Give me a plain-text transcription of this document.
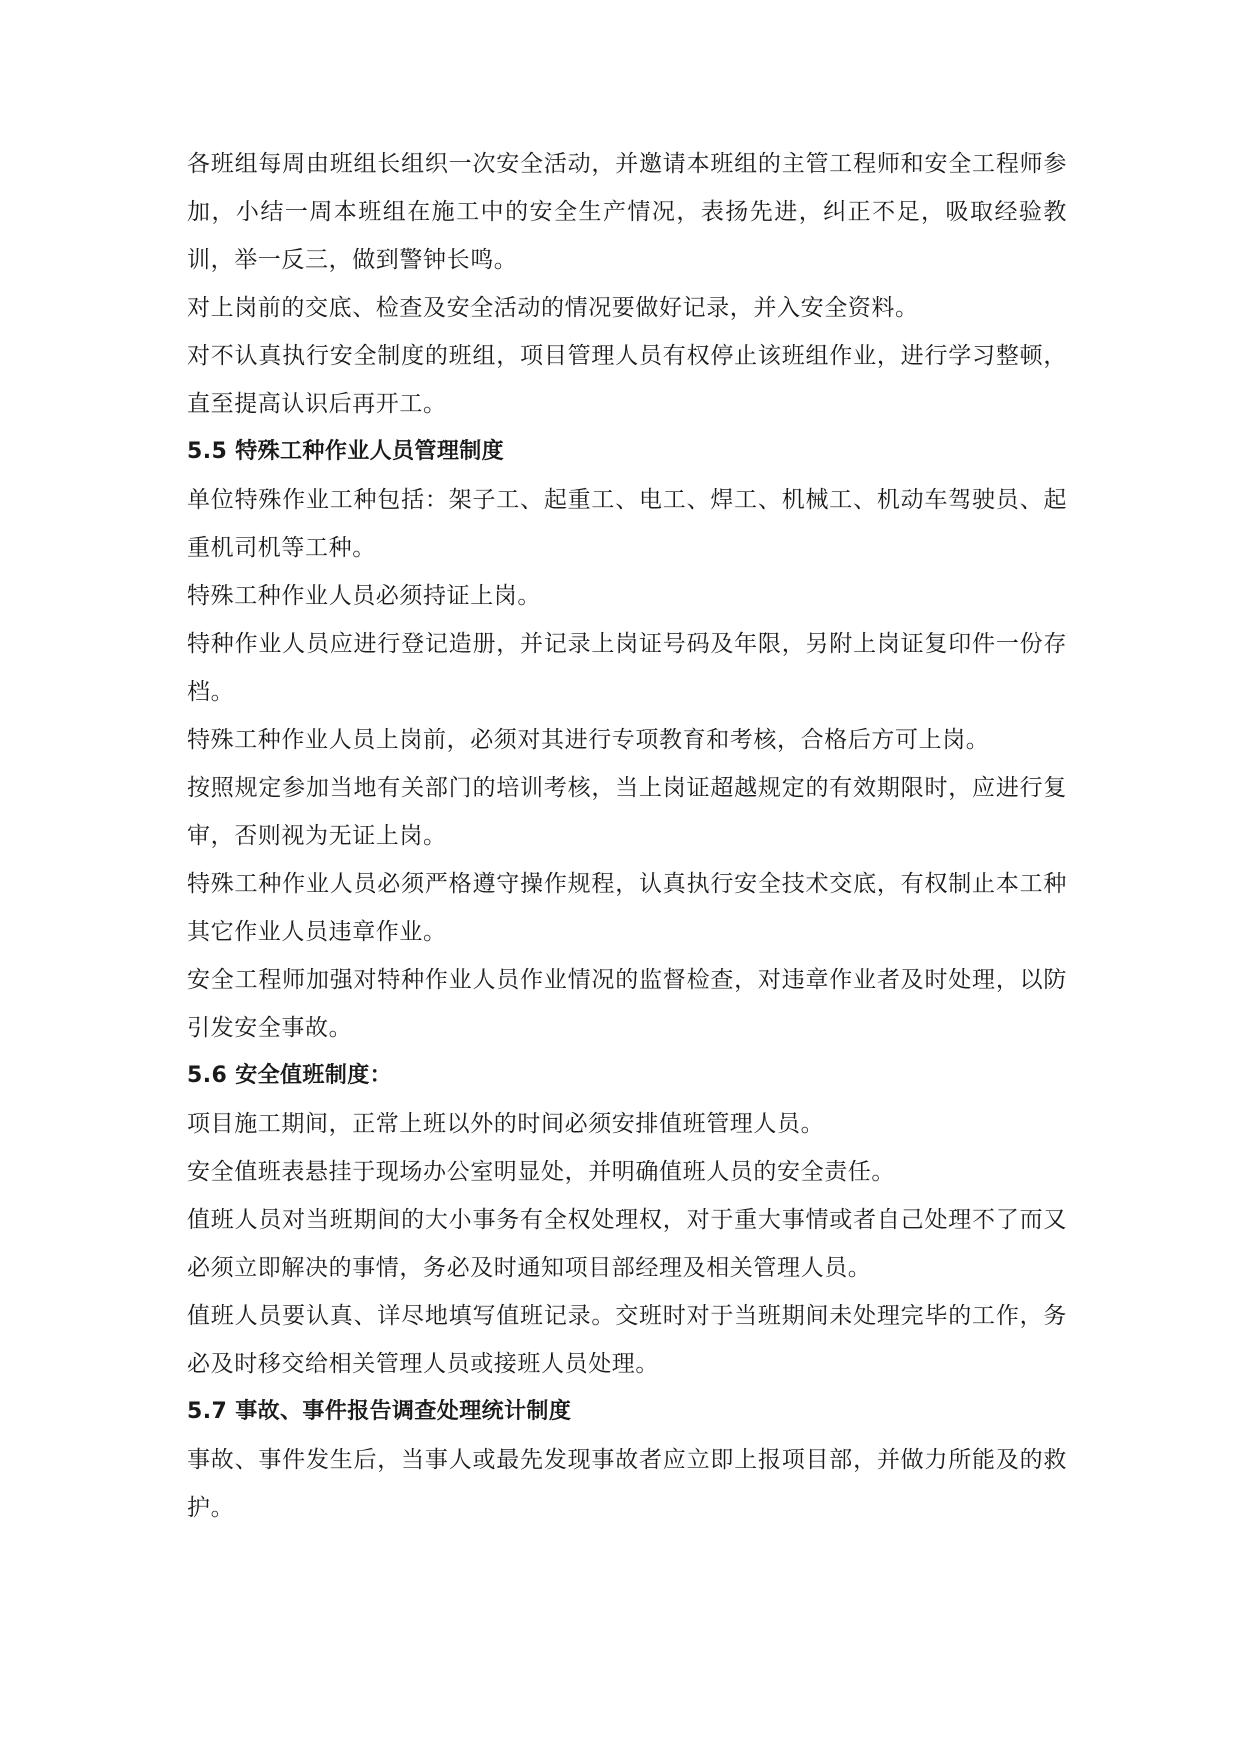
各班组每周由班组长组织一次安全活动，并邀请本班组的主管工程师和安全工程师参加，小结一周本班组在施工中的安全生产情况，表扬先进，纠正不足，吸取经验教训，举一反三，做到警钟长鸣。

对上岗前的交底、检查及安全活动的情况要做好记录，并入安全资料。

对不认真执行安全制度的班组，项目管理人员有权停止该班组作业，进行学习整顿，直至提高认识后再开工。

5.5 特殊工种作业人员管理制度

单位特殊作业工种包括：架子工、起重工、电工、焊工、机械工、机动车驾驶员、起重机司机等工种。

特殊工种作业人员必须持证上岗。

特种作业人员应进行登记造册，并记录上岗证号码及年限，另附上岗证复印件一份存档。

特殊工种作业人员上岗前，必须对其进行专项教育和考核，合格后方可上岗。

按照规定参加当地有关部门的培训考核，当上岗证超越规定的有效期限时，应进行复审，否则视为无证上岗。

特殊工种作业人员必须严格遵守操作规程，认真执行安全技术交底，有权制止本工种其它作业人员违章作业。

安全工程师加强对特种作业人员作业情况的监督检查，对违章作业者及时处理，以防引发安全事故。

5.6 安全值班制度：

项目施工期间，正常上班以外的时间必须安排值班管理人员。

安全值班表悬挂于现场办公室明显处，并明确值班人员的安全责任。

值班人员对当班期间的大小事务有全权处理权，对于重大事情或者自己处理不了而又必须立即解决的事情，务必及时通知项目部经理及相关管理人员。

值班人员要认真、详尽地填写值班记录。交班时对于当班期间未处理完毕的工作，务必及时移交给相关管理人员或接班人员处理。

5.7 事故、事件报告调查处理统计制度

事故、事件发生后，当事人或最先发现事故者应立即上报项目部，并做力所能及的救护。
